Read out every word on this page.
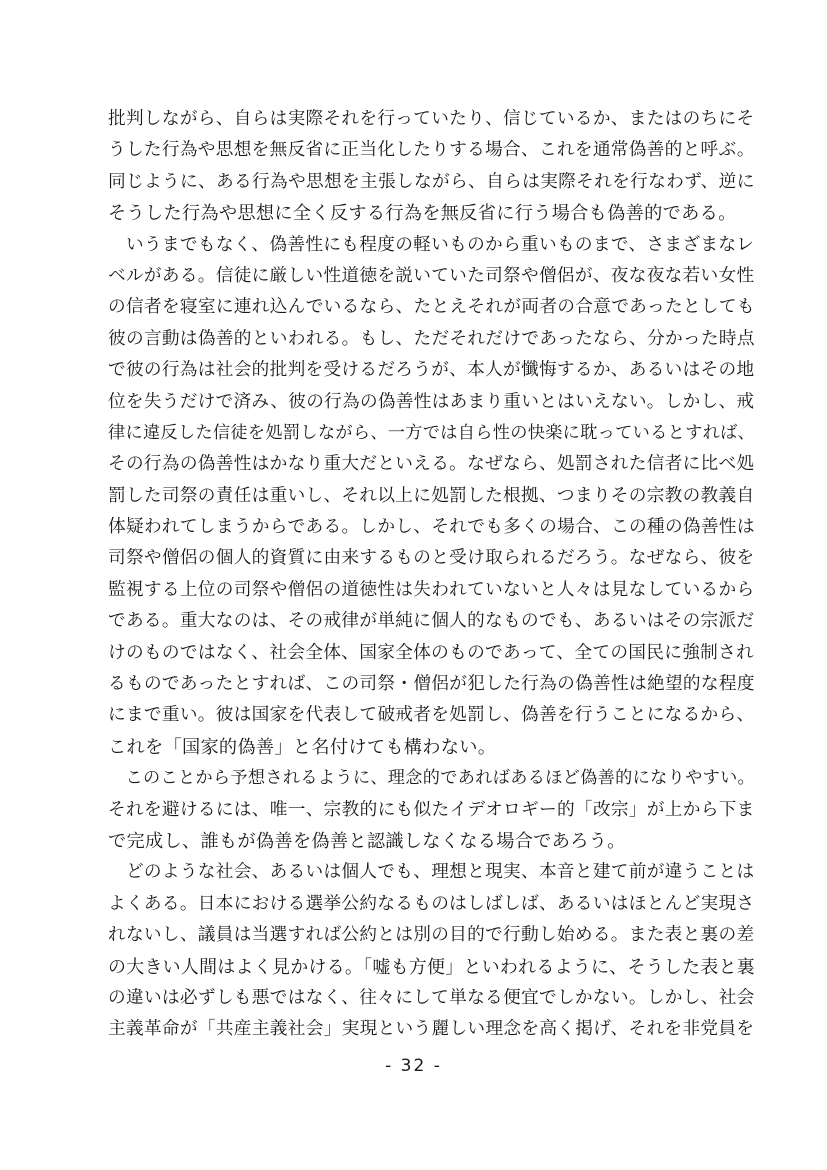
批判しながら、自らは実際それを行っていたり、信じているか、またはのちにそ
うした行為や思想を無反省に正当化したりする場合、これを通常偽善的と呼ぶ。
同じように、ある行為や思想を主張しながら、自らは実際それを行なわず、逆に
そうした行為や思想に全く反する行為を無反省に行う場合も偽善的である。
　いうまでもなく、偽善性にも程度の軽いものから重いものまで、さまざまなレ
ベルがある。信徒に厳しい性道徳を説いていた司祭や僧侶が、夜な夜な若い女性
の信者を寝室に連れ込んでいるなら、たとえそれが両者の合意であったとしても
彼の言動は偽善的といわれる。もし、ただそれだけであったなら、分かった時点
で彼の行為は社会的批判を受けるだろうが、本人が懺悔するか、あるいはその地
位を失うだけで済み、彼の行為の偽善性はあまり重いとはいえない。しかし、戒
律に違反した信徒を処罰しながら、一方では自ら性の快楽に耽っているとすれば、
その行為の偽善性はかなり重大だといえる。なぜなら、処罰された信者に比べ処
罰した司祭の責任は重いし、それ以上に処罰した根拠、つまりその宗教の教義自
体疑われてしまうからである。しかし、それでも多くの場合、この種の偽善性は
司祭や僧侶の個人的資質に由来するものと受け取られるだろう。なぜなら、彼を
監視する上位の司祭や僧侶の道徳性は失われていないと人々は見なしているから
である。重大なのは、その戒律が単純に個人的なものでも、あるいはその宗派だ
けのものではなく、社会全体、国家全体のものであって、全ての国民に強制され
るものであったとすれば、この司祭・僧侶が犯した行為の偽善性は絶望的な程度
にまで重い。彼は国家を代表して破戒者を処罰し、偽善を行うことになるから、
これを「国家的偽善」と名付けても構わない。
　このことから予想されるように、理念的であればあるほど偽善的になりやすい。
それを避けるには、唯一、宗教的にも似たイデオロギー的「改宗」が上から下ま
で完成し、誰もが偽善を偽善と認識しなくなる場合であろう。
　どのような社会、あるいは個人でも、理想と現実、本音と建て前が違うことは
よくある。日本における選挙公約なるものはしばしば、あるいはほとんど実現さ
れないし、議員は当選すれば公約とは別の目的で行動し始める。また表と裏の差
の大きい人間はよく見かける。「嘘も方便」といわれるように、そうした表と裏
の違いは必ずしも悪ではなく、往々にして単なる便宜でしかない。しかし、社会
主義革命が「共産主義社会」実現という麗しい理念を高く掲げ、それを非党員を
- 32 -
